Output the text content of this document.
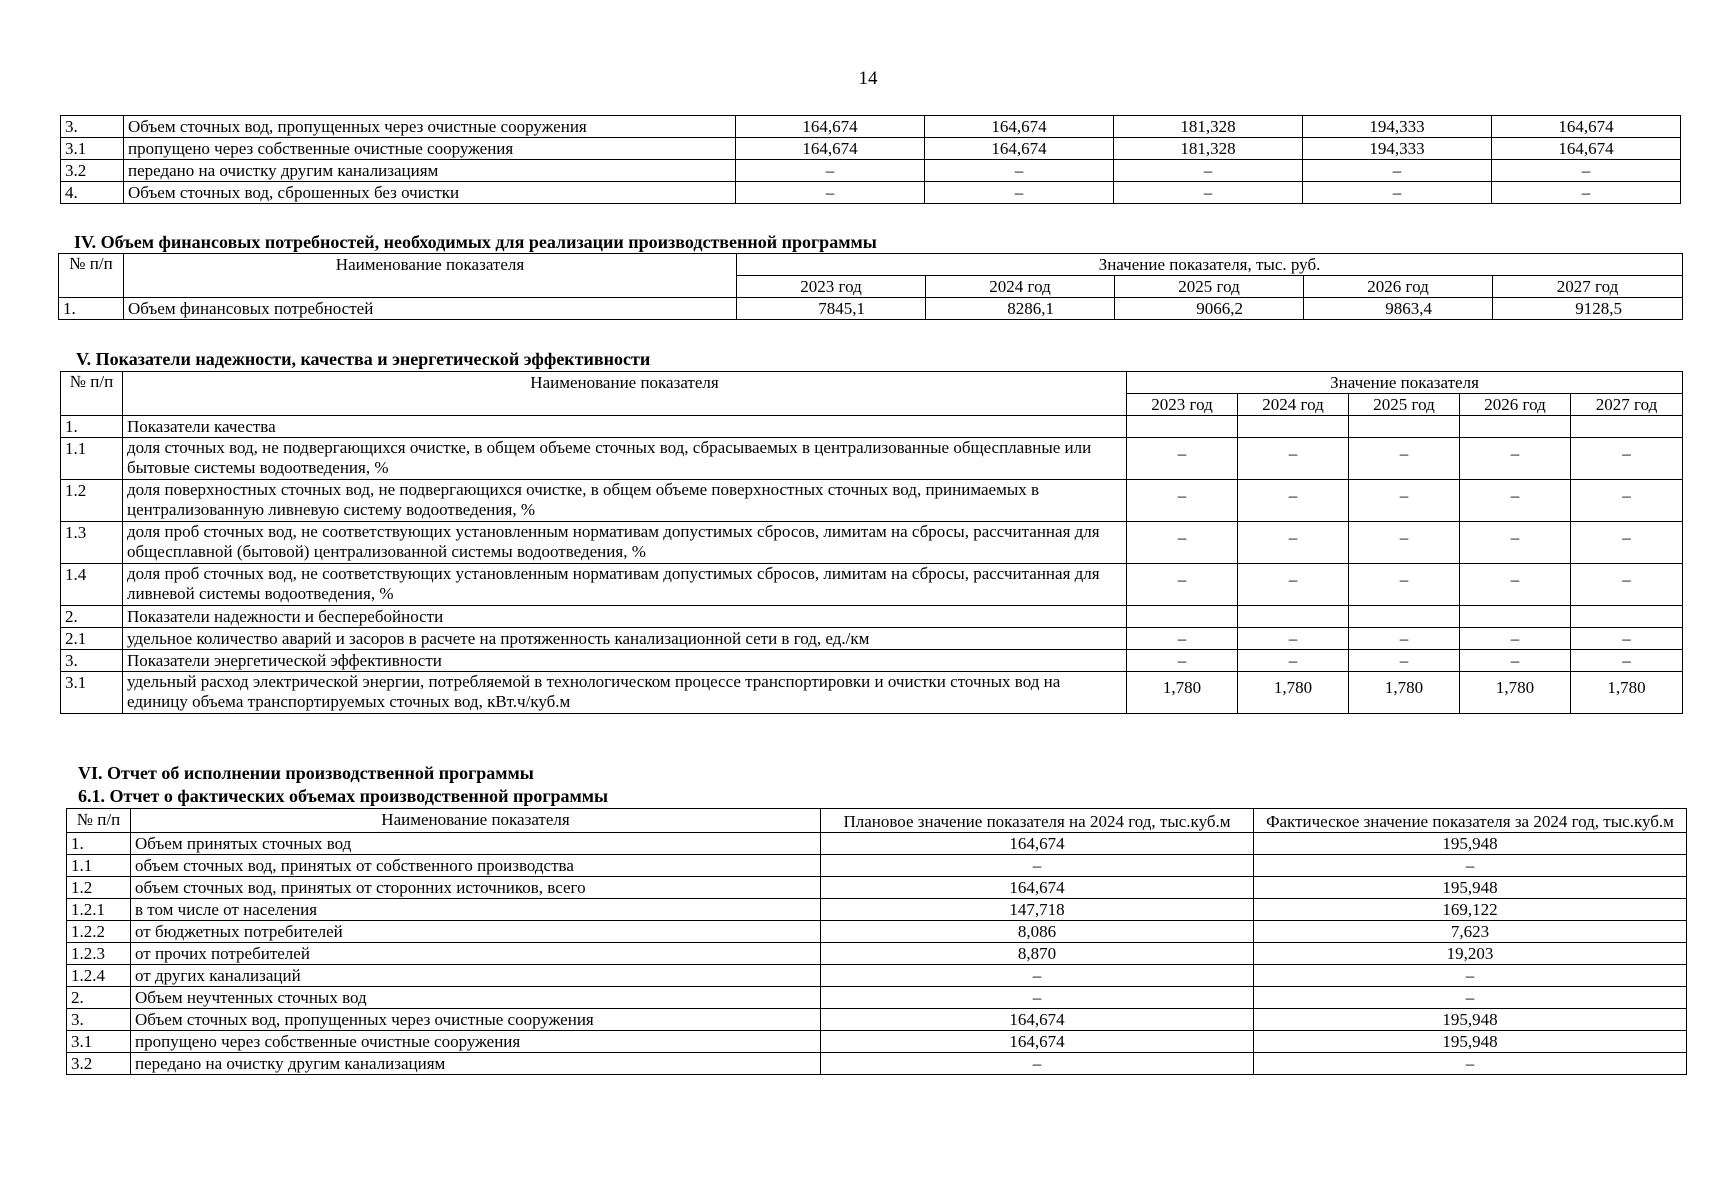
14
3.	Объем сточных вод, пропущенных через очистные сооружения	164,674	164,674	181,328	194,333	164,674
3.1	пропущено через собственные очистные сооружения	164,674	164,674	181,328	194,333	164,674
3.2	передано на очистку другим канализациям	–	–	–	–	–
4.	Объем сточных вод, сброшенных без очистки	–	–	–	–	–
IV. Объем финансовых потребностей, необходимых для реализации производственной программы
№ п/п	Наименование показателя	Значение показателя, тыс. руб.				
		2023 год	2024 год	2025 год	2026 год	2027 год
1.	Объем финансовых потребностей	7845,1	8286,1	9066,2	9863,4	9128,5
V. Показатели надежности, качества и энергетической эффективности
№ п/п	Наименование показателя	Значение показателя				
		2023 год	2024 год	2025 год	2026 год	2027 год
1.	Показатели качества					
1.1	доля сточных вод, не подвергающихся очистке, в общем объеме сточных вод, сбрасываемых в централизованные общесплавные или бытовые системы водоотведения, %	–	–	–	–	–
1.2	доля поверхностных сточных вод, не подвергающихся очистке, в общем объеме поверхностных сточных вод, принимаемых в централизованную ливневую систему водоотведения, %	–	–	–	–	–
1.3	доля проб сточных вод, не соответствующих установленным нормативам допустимых сбросов, лимитам на сбросы, рассчитанная для общесплавной (бытовой) централизованной системы водоотведения, %	–	–	–	–	–
1.4	доля проб сточных вод, не соответствующих установленным нормативам допустимых сбросов, лимитам на сбросы, рассчитанная для ливневой системы водоотведения, %	–	–	–	–	–
2.	Показатели надежности и бесперебойности					
2.1	удельное количество аварий и засоров в расчете на протяженность канализационной сети в год, ед./км	–	–	–	–	–
3.	Показатели энергетической эффективности	–	–	–	–	–
3.1	удельный расход электрической энергии, потребляемой в технологическом процессе транспортировки и очистки сточных вод на единицу объема транспортируемых сточных вод, кВт.ч/куб.м	1,780	1,780	1,780	1,780	1,780
VI. Отчет об исполнении производственной программы
6.1. Отчет о фактических объемах производственной программы
№ п/п	Наименование показателя	Плановое значение показателя на 2024 год, тыс.куб.м	Фактическое значение показателя за 2024 год, тыс.куб.м
1.	Объем принятых сточных вод	164,674	195,948
1.1	объем сточных вод, принятых от собственного производства	–	–
1.2	объем сточных вод, принятых от сторонних источников, всего	164,674	195,948
1.2.1	в том числе от населения	147,718	169,122
1.2.2	от бюджетных потребителей	8,086	7,623
1.2.3	от прочих потребителей	8,870	19,203
1.2.4	от других канализаций	–	–
2.	Объем неучтенных сточных вод	–	–
3.	Объем сточных вод, пропущенных через очистные сооружения	164,674	195,948
3.1	пропущено через собственные очистные сооружения	164,674	195,948
3.2	передано на очистку другим канализациям	–	–
